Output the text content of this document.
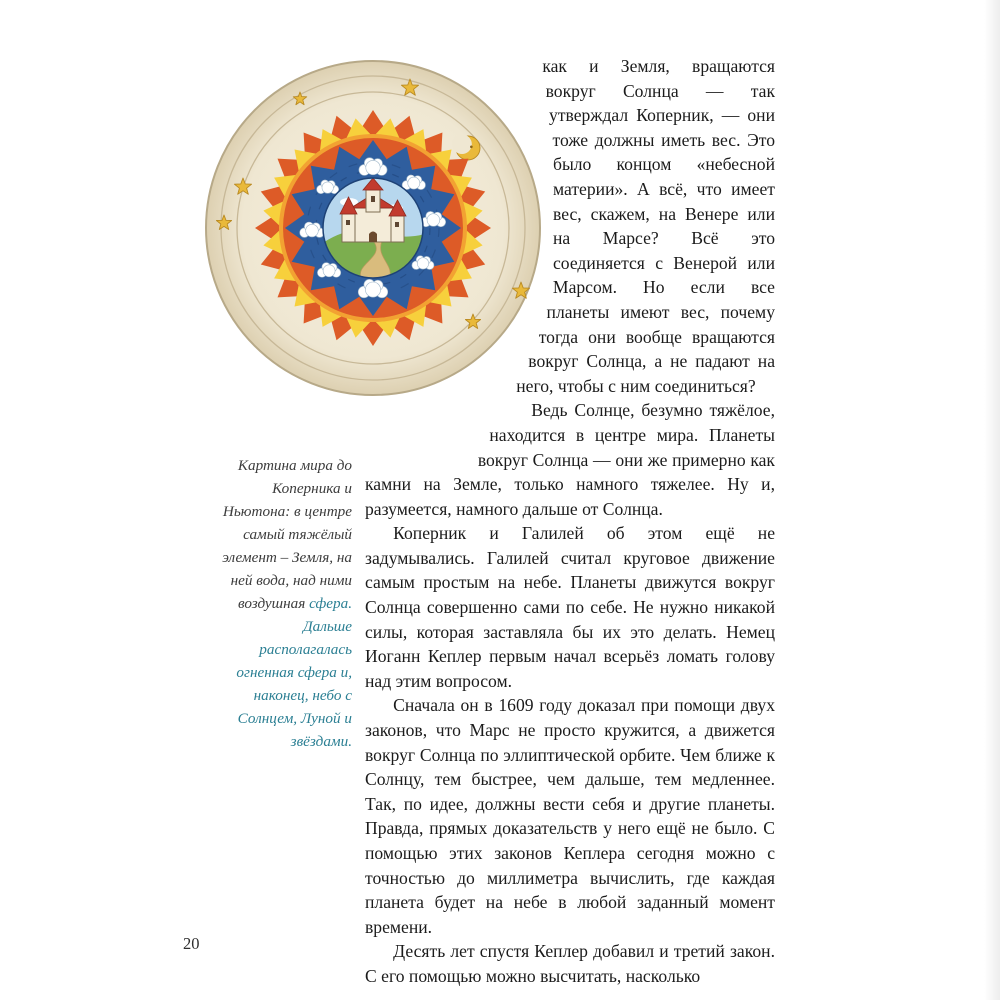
Картина мира до Коперника и Ньютона: в центре самый тяжёлый элемент – Земля, на ней вода, над ними воздушная сфера. Дальше располагалась огненная сфера и, наконец, небо с Солнцем, Луной и звёздами.

как и Земля, вращаются вокруг Солнца — так утверждал Коперник, — они тоже должны иметь вес. Это было концом «небесной материи». А всё, что имеет вес, скажем, на Венере или на Марсе? Всё это соединяется с Венерой или Марсом. Но если все планеты имеют вес, почему тогда они вообще вращаются вокруг Солнца, а не падают на него, чтобы с ним соединиться?

Ведь Солнце, безумно тяжёлое, находится в центре мира. Планеты вокруг Солнца — они же примерно как камни на Земле, только намного тяжелее. Ну и, разумеется, намного дальше от Солнца.

Коперник и Галилей об этом ещё не задумывались. Галилей считал круговое движение самым простым на небе. Планеты движутся вокруг Солнца совершенно сами по себе. Не нужно никакой силы, которая заставляла бы их это делать. Немец Иоганн Кеплер первым начал всерьёз ломать голову над этим вопросом.

Сначала он в 1609 году доказал при помощи двух законов, что Марс не просто кружится, а движется вокруг Солнца по эллиптической орбите. Чем ближе к Солнцу, тем быстрее, чем дальше, тем медленнее. Так, по идее, должны вести себя и другие планеты. Правда, прямых доказательств у него ещё не было. С помощью этих законов Кеплера сегодня можно с точностью до миллиметра вычислить, где каждая планета будет на небе в любой заданный момент времени.

Десять лет спустя Кеплер добавил и третий закон. С его помощью можно высчитать, насколько

20
